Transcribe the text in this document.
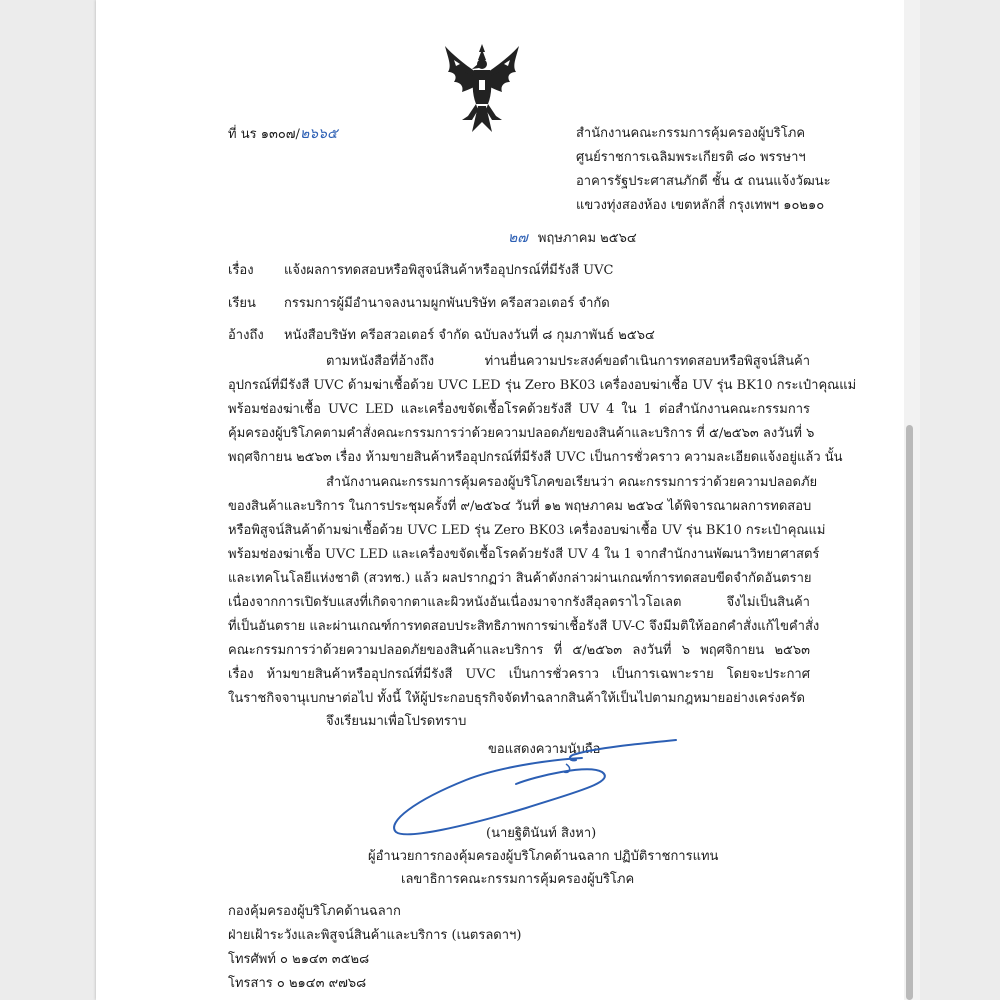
ที่ นร ๑๓๐๗/๒๖๖๕	สำนักงานคณะกรรมการคุ้มครองผู้บริโภค
ศูนย์ราชการเฉลิมพระเกียรติ ๘๐ พรรษาฯ
อาคารรัฐประศาสนภักดี ชั้น ๕ ถนนแจ้งวัฒนะ
แขวงทุ่งสองห้อง เขตหลักสี่ กรุงเทพฯ ๑๐๒๑๐
๒๗ พฤษภาคม ๒๕๖๔
เรื่อง แจ้งผลการทดสอบหรือพิสูจน์สินค้าหรืออุปกรณ์ที่มีรังสี UVC
เรียน กรรมการผู้มีอำนาจลงนามผูกพันบริษัท ครีอสวอเตอร์ จำกัด
อ้างถึง หนังสือบริษัท ครีอสวอเตอร์ จำกัด ฉบับลงวันที่ ๘ กุมภาพันธ์ ๒๕๖๔
ตามหนังสือที่อ้างถึง ท่านยื่นความประสงค์ขอดำเนินการทดสอบหรือพิสูจน์สินค้า
อุปกรณ์ที่มีรังสี UVC ด้ามฆ่าเชื้อด้วย UVC LED รุ่น Zero BK03 เครื่องอบฆ่าเชื้อ UV รุ่น BK10 กระเป๋าคุณแม่
พร้อมช่องฆ่าเชื้อ UVC LED และเครื่องขจัดเชื้อโรคด้วยรังสี UV 4 ใน 1 ต่อสำนักงานคณะกรรมการ
คุ้มครองผู้บริโภคตามคำสั่งคณะกรรมการว่าด้วยความปลอดภัยของสินค้าและบริการ ที่ ๕/๒๕๖๓ ลงวันที่ ๖
พฤศจิกายน ๒๕๖๓ เรื่อง ห้ามขายสินค้าหรืออุปกรณ์ที่มีรังสี UVC เป็นการชั่วคราว ความละเอียดแจ้งอยู่แล้ว นั้น
สำนักงานคณะกรรมการคุ้มครองผู้บริโภคขอเรียนว่า คณะกรรมการว่าด้วยความปลอดภัย
ของสินค้าและบริการ ในการประชุมครั้งที่ ๙/๒๕๖๔ วันที่ ๑๒ พฤษภาคม ๒๕๖๔ ได้พิจารณาผลการทดสอบ
หรือพิสูจน์สินค้าด้ามฆ่าเชื้อด้วย UVC LED รุ่น Zero BK03 เครื่องอบฆ่าเชื้อ UV รุ่น BK10 กระเป๋าคุณแม่
พร้อมช่องฆ่าเชื้อ UVC LED และเครื่องขจัดเชื้อโรคด้วยรังสี UV 4 ใน 1 จากสำนักงานพัฒนาวิทยาศาสตร์
และเทคโนโลยีแห่งชาติ (สวทช.) แล้ว ผลปรากฏว่า สินค้าดังกล่าวผ่านเกณฑ์การทดสอบขีดจำกัดอันตราย
เนื่องจากการเปิดรับแสงที่เกิดจากตาและผิวหนังอันเนื่องมาจากรังสีอุลตราไวโอเลต จึงไม่เป็นสินค้า
ที่เป็นอันตราย และผ่านเกณฑ์การทดสอบประสิทธิภาพการฆ่าเชื้อรังสี UV-C จึงมีมติให้ออกคำสั่งแก้ไขคำสั่ง
คณะกรรมการว่าด้วยความปลอดภัยของสินค้าและบริการ ที่ ๕/๒๕๖๓ ลงวันที่ ๖ พฤศจิกายน ๒๕๖๓
เรื่อง ห้ามขายสินค้าหรืออุปกรณ์ที่มีรังสี UVC เป็นการชั่วคราว เป็นการเฉพาะราย โดยจะประกาศ
ในราชกิจจานุเบกษาต่อไป ทั้งนี้ ให้ผู้ประกอบธุรกิจจัดทำฉลากสินค้าให้เป็นไปตามกฎหมายอย่างเคร่งครัด
จึงเรียนมาเพื่อโปรดทราบ
ขอแสดงความนับถือ
(นายฐิตินันท์ สิงหา)
ผู้อำนวยการกองคุ้มครองผู้บริโภคด้านฉลาก ปฏิบัติราชการแทน
เลขาธิการคณะกรรมการคุ้มครองผู้บริโภค
กองคุ้มครองผู้บริโภคด้านฉลาก
ฝ่ายเฝ้าระวังและพิสูจน์สินค้าและบริการ (เนตรลดาฯ)
โทรศัพท์ ๐ ๒๑๔๓ ๓๕๒๘
โทรสาร ๐ ๒๑๔๓ ๙๗๖๘
